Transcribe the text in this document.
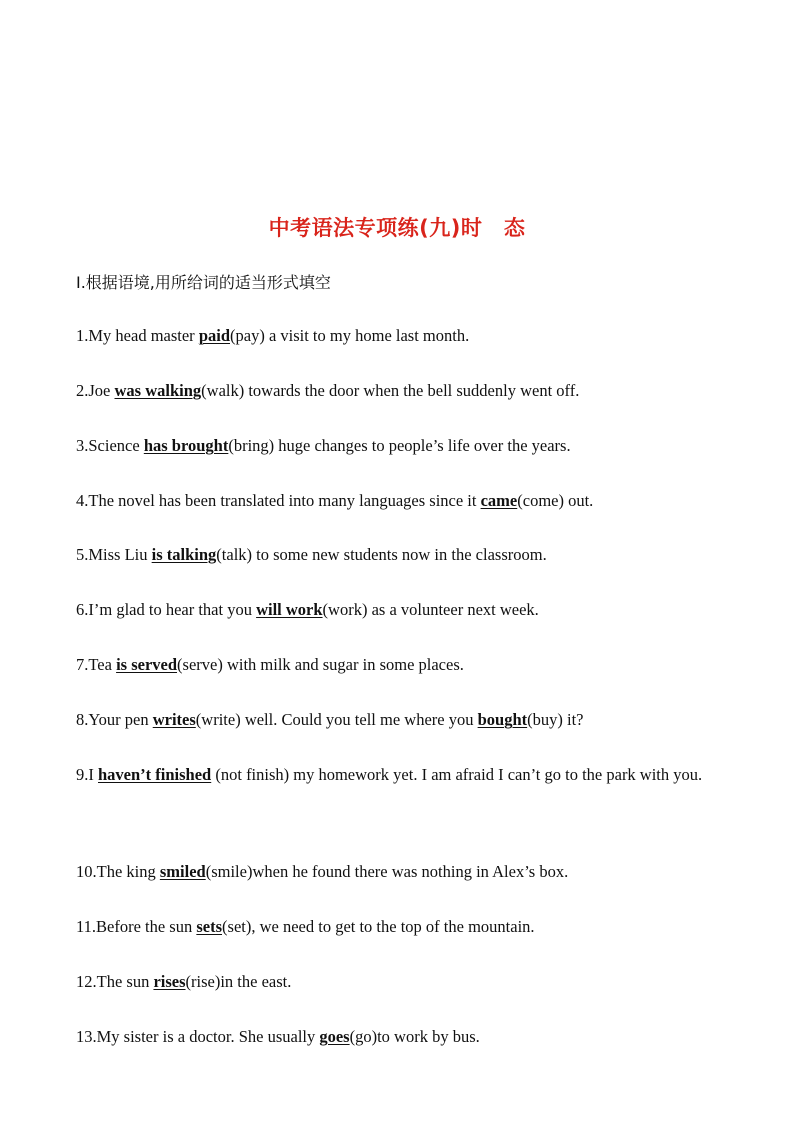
中考语法专项练(九)时　态
Ⅰ.根据语境,用所给词的适当形式填空
1.My head master paid(pay) a visit to my home last month.
2.Joe was walking(walk) towards the door when the bell suddenly went off.
3.Science has brought(bring) huge changes to people’s life over the years.
4.The novel has been translated into many languages since it came(come) out.
5.Miss Liu is talking(talk) to some new students now in the classroom.
6.I’m glad to hear that you will work(work) as a volunteer next week.
7.Tea is served(serve) with milk and sugar in some places.
8.Your pen writes(write) well. Could you tell me where you bought(buy) it?
9.I haven’t finished (not finish) my homework yet. I am afraid I can’t go to the park with you.
10.The king smiled(smile)when he found there was nothing in Alex’s box.
11.Before the sun sets(set), we need to get to the top of the mountain.
12.The sun rises(rise)in the east.
13.My sister is a doctor. She usually goes(go)to work by bus.
